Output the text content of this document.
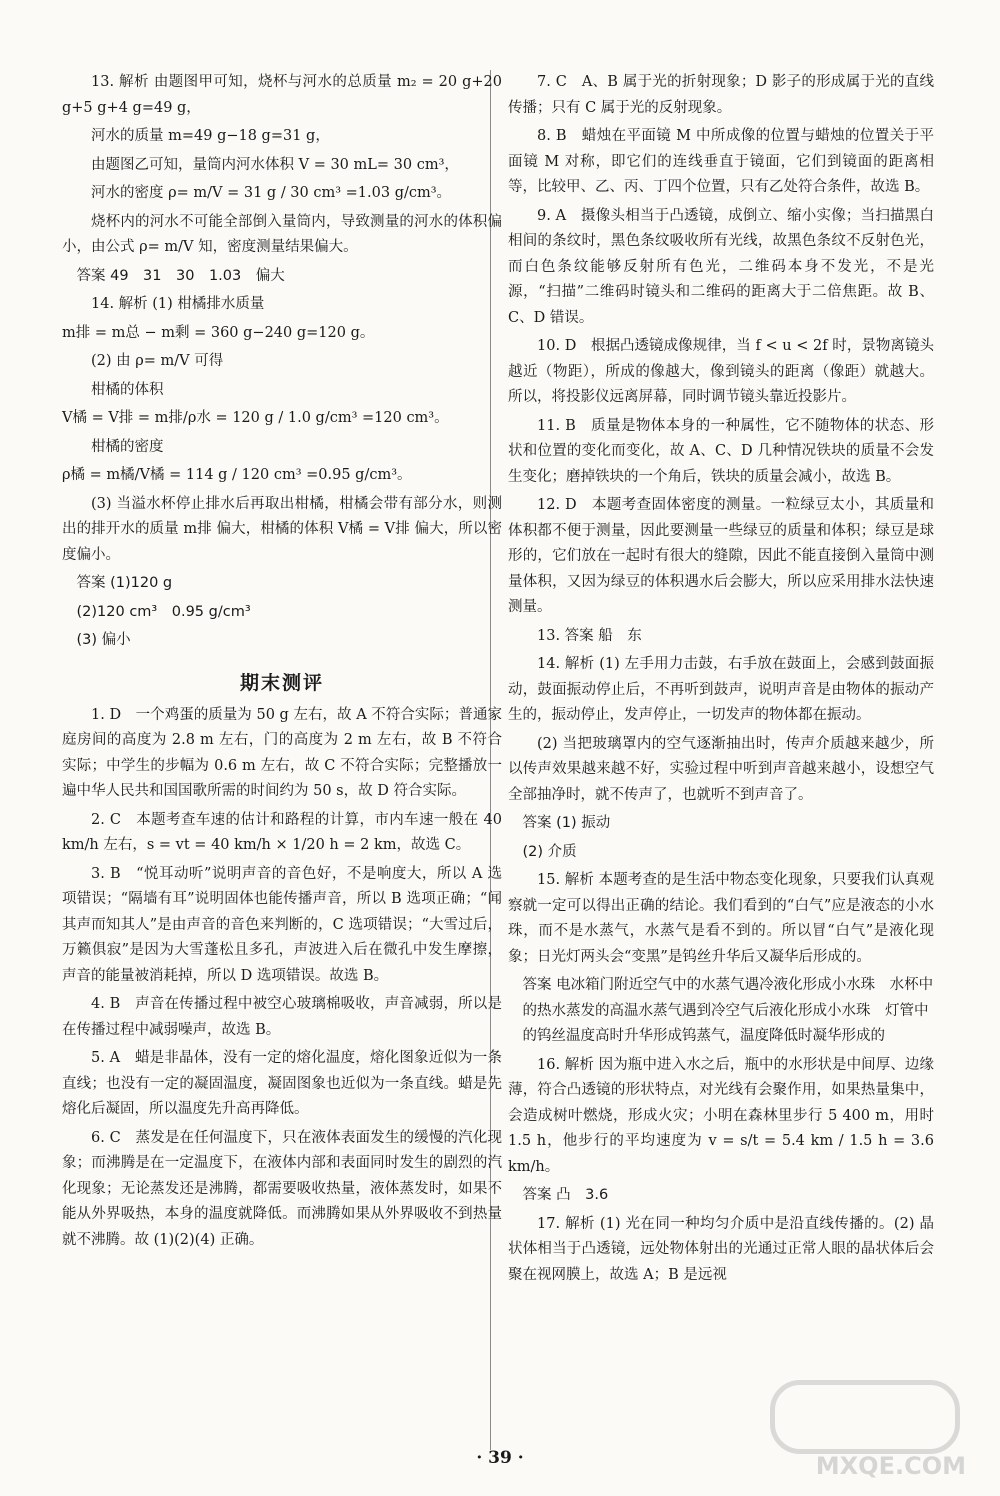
13. 解析 由题图甲可知，烧杯与河水的总质量 m₂ = 20 g+20 g+5 g+4 g=49 g，

河水的质量 m=49 g−18 g=31 g，

由题图乙可知，量筒内河水体积 V = 30 mL= 30 cm³，

河水的密度 ρ= m/V = 31 g / 30 cm³ =1.03 g/cm³。

烧杯内的河水不可能全部倒入量筒内，导致测量的河水的体积偏小，由公式 ρ= m/V 知，密度测量结果偏大。

答案 49　31　30　1.03　偏大

14. 解析 (1) 柑橘排水质量

m排 = m总 − m剩 = 360 g−240 g=120 g。

(2) 由 ρ= m/V 可得

柑橘的体积

V橘 = V排 = m排/ρ水 = 120 g / 1.0 g/cm³ =120 cm³。

柑橘的密度

ρ橘 = m橘/V橘 = 114 g / 120 cm³ =0.95 g/cm³。

(3) 当溢水杯停止排水后再取出柑橘，柑橘会带有部分水，则测出的排开水的质量 m排 偏大，柑橘的体积 V橘 = V排 偏大，所以密度偏小。

答案 (1)120 g

(2)120 cm³　0.95 g/cm³

(3) 偏小

期末测评

1. D　一个鸡蛋的质量为 50 g 左右，故 A 不符合实际；普通家庭房间的高度为 2.8 m 左右，门的高度为 2 m 左右，故 B 不符合实际；中学生的步幅为 0.6 m 左右，故 C 不符合实际；完整播放一遍中华人民共和国国歌所需的时间约为 50 s，故 D 符合实际。

2. C　本题考查车速的估计和路程的计算，市内车速一般在 40 km/h 左右，s = vt = 40 km/h × 1/20 h = 2 km，故选 C。

3. B　“悦耳动听”说明声音的音色好，不是响度大，所以 A 选项错误；“隔墙有耳”说明固体也能传播声音，所以 B 选项正确；“闻其声而知其人”是由声音的音色来判断的，C 选项错误；“大雪过后，万籁俱寂”是因为大雪蓬松且多孔，声波进入后在微孔中发生摩擦，声音的能量被消耗掉，所以 D 选项错误。故选 B。

4. B　声音在传播过程中被空心玻璃棉吸收，声音减弱，所以是在传播过程中减弱噪声，故选 B。

5. A　蜡是非晶体，没有一定的熔化温度，熔化图象近似为一条直线；也没有一定的凝固温度，凝固图象也近似为一条直线。蜡是先熔化后凝固，所以温度先升高再降低。

6. C　蒸发是在任何温度下，只在液体表面发生的缓慢的汽化现象；而沸腾是在一定温度下，在液体内部和表面同时发生的剧烈的汽化现象；无论蒸发还是沸腾，都需要吸收热量，液体蒸发时，如果不能从外界吸热，本身的温度就降低。而沸腾如果从外界吸收不到热量就不沸腾。故 (1)(2)(4) 正确。

7. C　A、B 属于光的折射现象；D 影子的形成属于光的直线传播；只有 C 属于光的反射现象。

8. B　蜡烛在平面镜 M 中所成像的位置与蜡烛的位置关于平面镜 M 对称，即它们的连线垂直于镜面，它们到镜面的距离相等，比较甲、乙、丙、丁四个位置，只有乙处符合条件，故选 B。

9. A　摄像头相当于凸透镜，成倒立、缩小实像；当扫描黑白相间的条纹时，黑色条纹吸收所有光线，故黑色条纹不反射色光，而白色条纹能够反射所有色光，二维码本身不发光，不是光源，“扫描”二维码时镜头和二维码的距离大于二倍焦距。故 B、C、D 错误。

10. D　根据凸透镜成像规律，当 f < u < 2f 时，景物离镜头越近（物距），所成的像越大，像到镜头的距离（像距）就越大。所以，将投影仪远离屏幕，同时调节镜头靠近投影片。

11. B　质量是物体本身的一种属性，它不随物体的状态、形状和位置的变化而变化，故 A、C、D 几种情况铁块的质量不会发生变化；磨掉铁块的一个角后，铁块的质量会减小，故选 B。

12. D　本题考查固体密度的测量。一粒绿豆太小，其质量和体积都不便于测量，因此要测量一些绿豆的质量和体积；绿豆是球形的，它们放在一起时有很大的缝隙，因此不能直接倒入量筒中测量体积，又因为绿豆的体积遇水后会膨大，所以应采用排水法快速测量。

13. 答案 船　东

14. 解析 (1) 左手用力击鼓，右手放在鼓面上，会感到鼓面振动，鼓面振动停止后，不再听到鼓声，说明声音是由物体的振动产生的，振动停止，发声停止，一切发声的物体都在振动。

(2) 当把玻璃罩内的空气逐渐抽出时，传声介质越来越少，所以传声效果越来越不好，实验过程中听到声音越来越小，设想空气全部抽净时，就不传声了，也就听不到声音了。

答案 (1) 振动

(2) 介质

15. 解析 本题考查的是生活中物态变化现象，只要我们认真观察就一定可以得出正确的结论。我们看到的“白气”应是液态的小水珠，而不是水蒸气，水蒸气是看不到的。所以冒“白气”是液化现象；日光灯两头会“变黑”是钨丝升华后又凝华后形成的。

答案 电冰箱门附近空气中的水蒸气遇冷液化形成小水珠　水杯中的热水蒸发的高温水蒸气遇到冷空气后液化形成小水珠　灯管中的钨丝温度高时升华形成钨蒸气，温度降低时凝华形成的

16. 解析 因为瓶中进入水之后，瓶中的水形状是中间厚、边缘薄，符合凸透镜的形状特点，对光线有会聚作用，如果热量集中，会造成树叶燃烧，形成火灾；小明在森林里步行 5 400 m，用时 1.5 h，他步行的平均速度为 v = s/t = 5.4 km / 1.5 h = 3.6 km/h。

答案 凸　3.6

17. 解析 (1) 光在同一种均匀介质中是沿直线传播的。(2) 晶状体相当于凸透镜，远处物体射出的光通过正常人眼的晶状体后会聚在视网膜上，故选 A；B 是远视

· 39 ·	MXQE.COM
